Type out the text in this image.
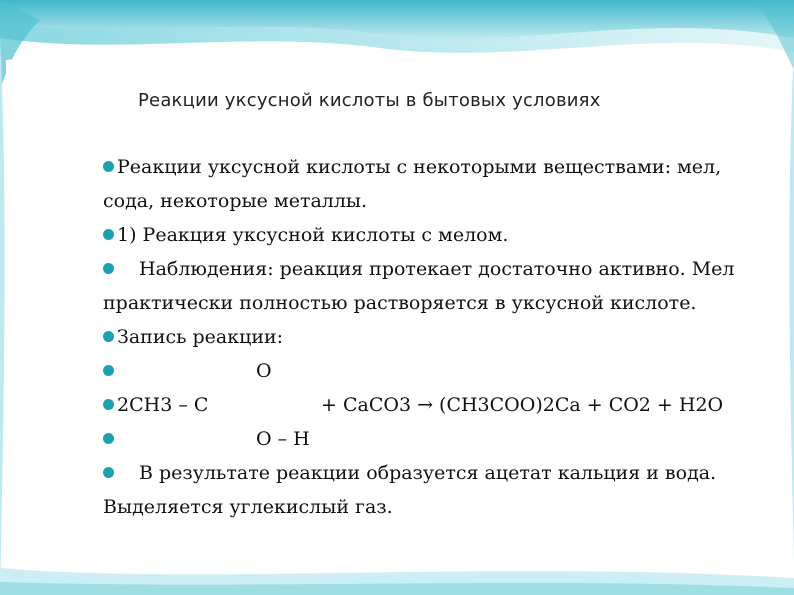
Реакции уксусной кислоты в бытовых условиях
Реакции уксусной кислоты с некоторыми веществами: мел,
сода, некоторые металлы.
1) Реакция уксусной кислоты с мелом.
Наблюдения: реакция протекает достаточно активно. Мел
практически полностью растворяется в уксусной кислоте.
Запись реакции:
O
2CH3 – C	+ CaCO3 → (CH3COO)2Ca + CO2 + H2O
O – H
В результате реакции образуется ацетат кальция и вода.
Выделяется углекислый газ.
